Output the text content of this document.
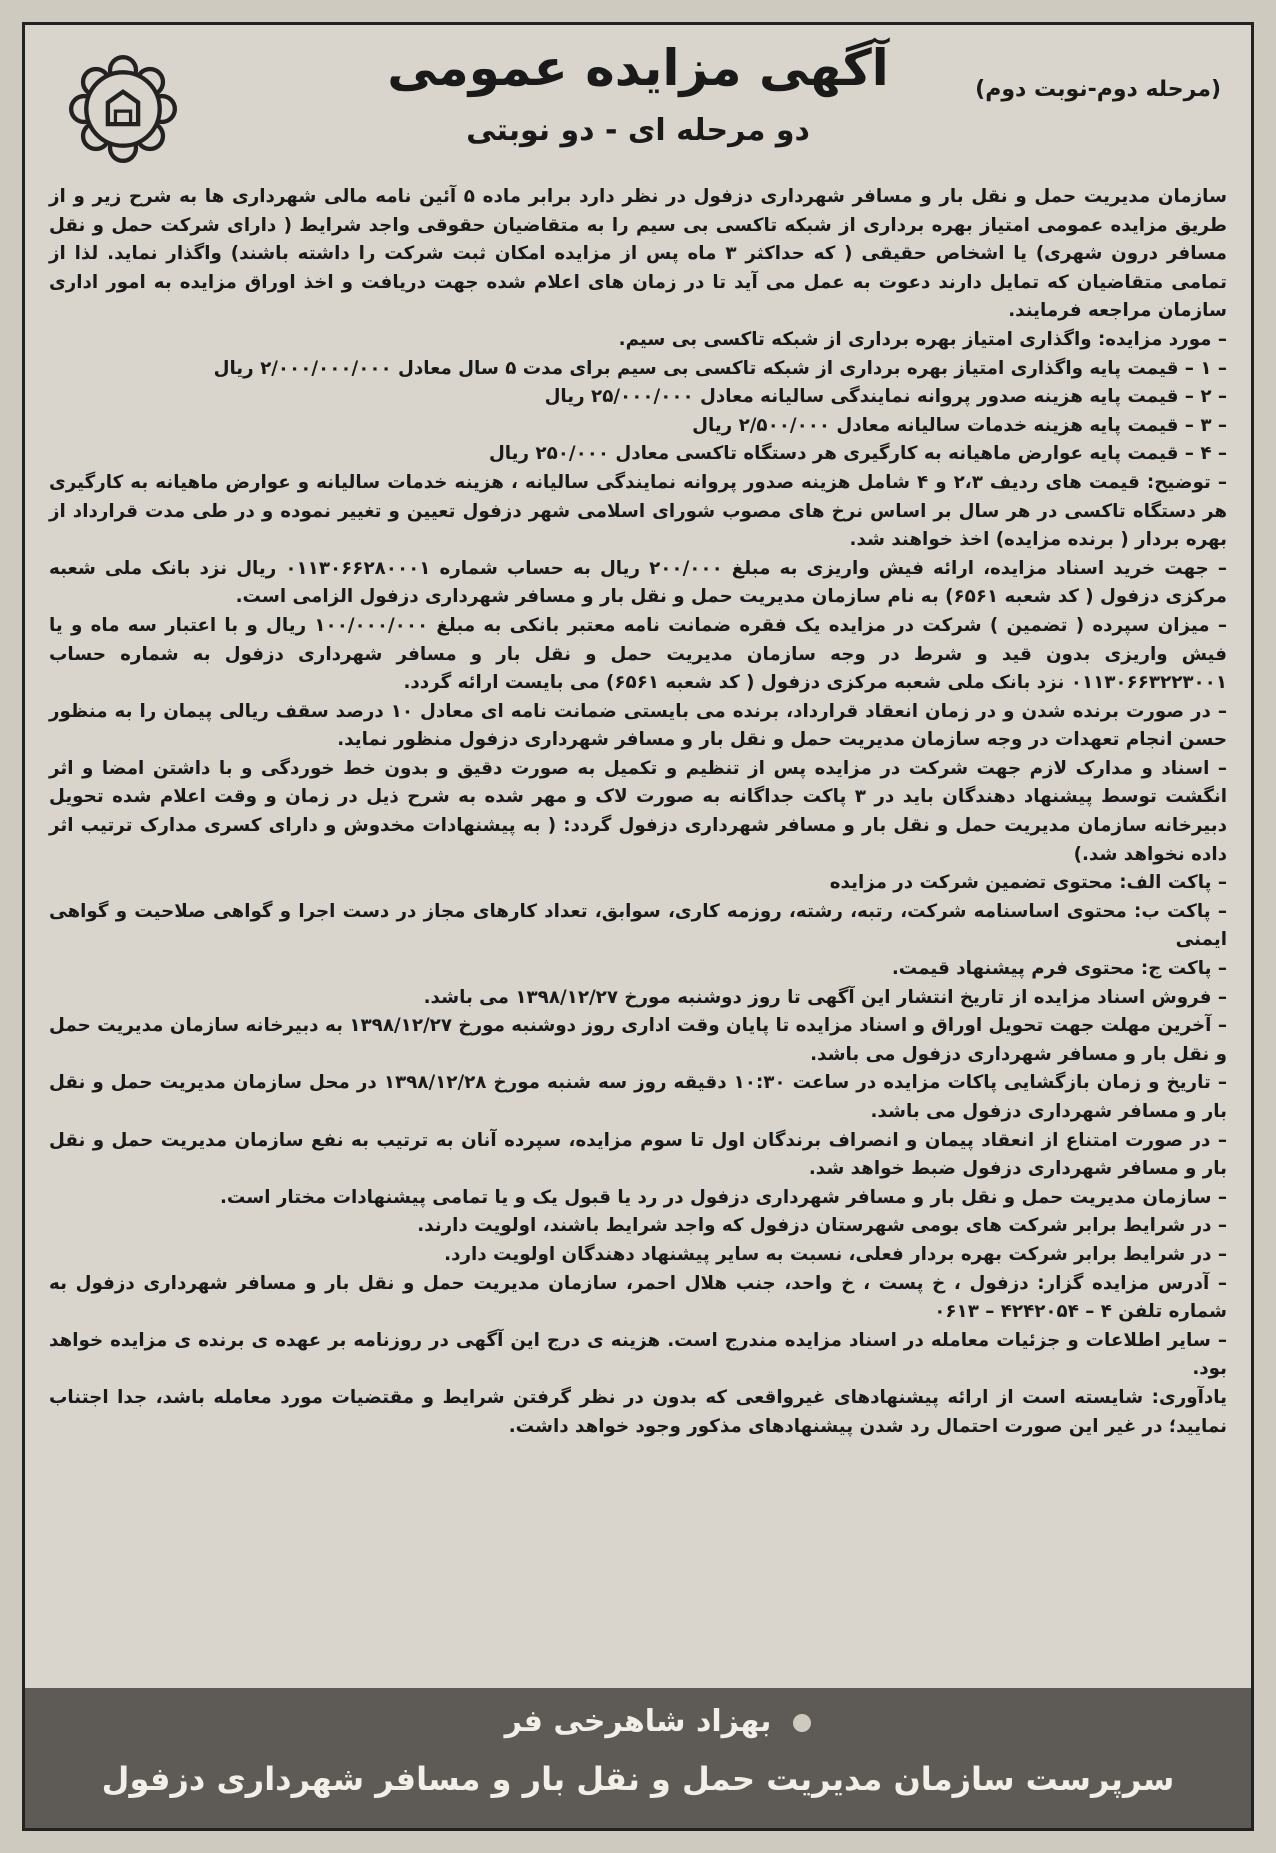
آگهی مزایده عمومی	(مرحله دوم-نوبت دوم)
دو مرحله ای - دو نوبتی

سازمان مدیریت حمل و نقل بار و مسافر شهرداری دزفول در نظر دارد برابر ماده ۵ آئین نامه مالی شهرداری ها به شرح زیر و از طریق مزایده عمومی امتیاز بهره برداری از شبکه تاکسی بی سیم را به متقاضیان حقوقی واجد شرایط ( دارای شرکت حمل و نقل مسافر درون شهری) یا اشخاص حقیقی ( که حداکثر ۳ ماه پس از مزایده امکان ثبت شرکت را داشته باشند) واگذار نماید. لذا از تمامی متقاضیان که تمایل دارند دعوت به عمل می آید تا در زمان های اعلام شده جهت دریافت و اخذ اوراق مزایده به امور اداری سازمان مراجعه فرمایند.

– مورد مزایده: واگذاری امتیاز بهره برداری از شبکه تاکسی بی سیم.

– ۱ – قیمت پایه واگذاری امتیاز بهره برداری از شبکه تاکسی بی سیم برای مدت ۵ سال معادل ۲/۰۰۰/۰۰۰/۰۰۰ ریال

– ۲ – قیمت پایه هزینه صدور پروانه نمایندگی سالیانه معادل ۲۵/۰۰۰/۰۰۰ ریال

– ۳ – قیمت پایه هزینه خدمات سالیانه معادل ۲/۵۰۰/۰۰۰ ریال

– ۴ – قیمت پایه عوارض ماهیانه به کارگیری هر دستگاه تاکسی معادل ۲۵۰/۰۰۰ ریال

– توضیح: قیمت های ردیف ۲،۳ و ۴ شامل هزینه صدور پروانه نمایندگی سالیانه ، هزینه خدمات سالیانه و عوارض ماهیانه به کارگیری هر دستگاه تاکسی در هر سال بر اساس نرخ های مصوب شورای اسلامی شهر دزفول تعیین و تغییر نموده و در طی مدت قرارداد از بهره بردار ( برنده مزایده) اخذ خواهند شد.

– جهت خرید اسناد مزایده، ارائه فیش واریزی به مبلغ ۲۰۰/۰۰۰ ریال به حساب شماره ۰۱۱۳۰۶۶۲۸۰۰۰۱ ریال نزد بانک ملی شعبه مرکزی دزفول ( کد شعبه ۶۵۶۱) به نام سازمان مدیریت حمل و نقل بار و مسافر شهرداری دزفول الزامی است.

– میزان سپرده ( تضمین ) شرکت در مزایده یک فقره ضمانت نامه معتبر بانکی به مبلغ ۱۰۰/۰۰۰/۰۰۰ ریال و با اعتبار سه ماه و یا فیش واریزی بدون قید و شرط در وجه سازمان مدیریت حمل و نقل بار و مسافر شهرداری دزفول به شماره حساب ۰۱۱۳۰۶۶۳۲۲۳۰۰۱ نزد بانک ملی شعبه مرکزی دزفول ( کد شعبه ۶۵۶۱) می بایست ارائه گردد.

– در صورت برنده شدن و در زمان انعقاد قرارداد، برنده می بایستی ضمانت نامه ای معادل ۱۰ درصد سقف ریالی پیمان را به منظور حسن انجام تعهدات در وجه سازمان مدیریت حمل و نقل بار و مسافر شهرداری دزفول منظور نماید.

– اسناد و مدارک لازم جهت شرکت در مزایده پس از تنظیم و تکمیل به صورت دقیق و بدون خط خوردگی و با داشتن امضا و اثر انگشت توسط پیشنهاد دهندگان باید در ۳ پاکت جداگانه به صورت لاک و مهر شده به شرح ذیل در زمان و وقت اعلام شده تحویل دبیرخانه سازمان مدیریت حمل و نقل بار و مسافر شهرداری دزفول گردد: ( به پیشنهادات مخدوش و دارای کسری مدارک ترتیب اثر داده نخواهد شد.)

– پاکت الف: محتوی تضمین شرکت در مزایده

– پاکت ب: محتوی اساسنامه شرکت، رتبه، رشته، روزمه کاری، سوابق، تعداد کارهای مجاز در دست اجرا و گواهی صلاحیت و گواهی ایمنی

– پاکت ج: محتوی فرم پیشنهاد قیمت.

– فروش اسناد مزایده از تاریخ انتشار این آگهی تا روز دوشنبه مورخ ۱۳۹۸/۱۲/۲۷ می باشد.

– آخرین مهلت جهت تحویل اوراق و اسناد مزایده تا پایان وقت اداری روز دوشنبه مورخ ۱۳۹۸/۱۲/۲۷ به دبیرخانه سازمان مدیریت حمل و نقل بار و مسافر شهرداری دزفول می باشد.

– تاریخ و زمان بازگشایی پاکات مزایده در ساعت ۱۰:۳۰ دقیقه روز سه شنبه مورخ ۱۳۹۸/۱۲/۲۸ در محل سازمان مدیریت حمل و نقل بار و مسافر شهرداری دزفول می باشد.

– در صورت امتناع از انعقاد پیمان و انصراف برندگان اول تا سوم مزایده، سپرده آنان به ترتیب به نفع سازمان مدیریت حمل و نقل بار و مسافر شهرداری دزفول ضبط خواهد شد.

– سازمان مدیریت حمل و نقل بار و مسافر شهرداری دزفول در رد یا قبول یک و یا تمامی پیشنهادات مختار است.

– در شرایط برابر شرکت های بومی شهرستان دزفول که واجد شرایط باشند، اولویت دارند.

– در شرایط برابر شرکت بهره بردار فعلی، نسبت به سایر پیشنهاد دهندگان اولویت دارد.

– آدرس مزایده گزار: دزفول ، خ پست ، خ واحد، جنب هلال احمر، سازمان مدیریت حمل و نقل بار و مسافر شهرداری دزفول به شماره تلفن ۴ – ۴۲۴۲۰۵۴ – ۰۶۱۳

– سایر اطلاعات و جزئیات معامله در اسناد مزایده مندرج است. هزینه ی درج این آگهی در روزنامه بر عهده ی برنده ی مزایده خواهد بود.

یادآوری: شایسته است از ارائه پیشنهادهای غیرواقعی که بدون در نظر گرفتن شرایط و مقتضیات مورد معامله باشد، جدا اجتناب نمایید؛ در غیر این صورت احتمال رد شدن پیشنهادهای مذکور وجود خواهد داشت.

بهزاد شاهرخی فر
سرپرست سازمان مدیریت حمل و نقل بار و مسافر شهرداری دزفول
